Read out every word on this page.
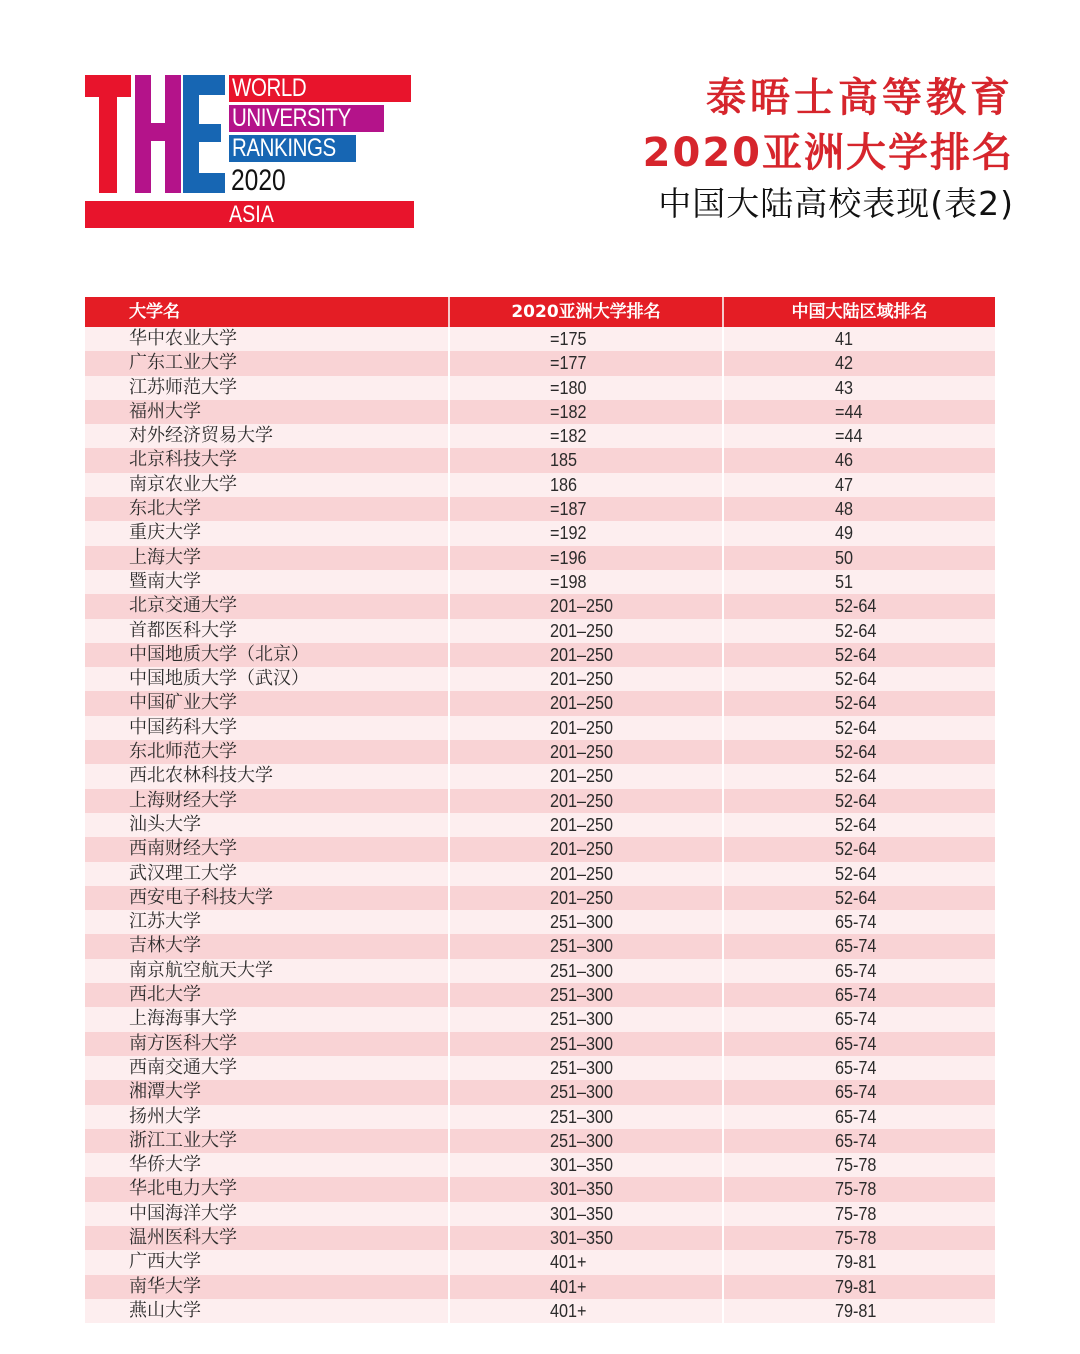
WORLD
UNIVERSITY
RANKINGS
2020
ASIA
泰晤士高等教育
2020亚洲大学排名
中国大陆高校表现(表2)
大学名	2020亚洲大学排名	中国大陆区域排名
华中农业大学	=175	41
广东工业大学	=177	42
江苏师范大学	=180	43
福州大学	=182	=44
对外经济贸易大学	=182	=44
北京科技大学	185	46
南京农业大学	186	47
东北大学	=187	48
重庆大学	=192	49
上海大学	=196	50
暨南大学	=198	51
北京交通大学	201–250	52-64
首都医科大学	201–250	52-64
中国地质大学（北京）	201–250	52-64
中国地质大学（武汉）	201–250	52-64
中国矿业大学	201–250	52-64
中国药科大学	201–250	52-64
东北师范大学	201–250	52-64
西北农林科技大学	201–250	52-64
上海财经大学	201–250	52-64
汕头大学	201–250	52-64
西南财经大学	201–250	52-64
武汉理工大学	201–250	52-64
西安电子科技大学	201–250	52-64
江苏大学	251–300	65-74
吉林大学	251–300	65-74
南京航空航天大学	251–300	65-74
西北大学	251–300	65-74
上海海事大学	251–300	65-74
南方医科大学	251–300	65-74
西南交通大学	251–300	65-74
湘潭大学	251–300	65-74
扬州大学	251–300	65-74
浙江工业大学	251–300	65-74
华侨大学	301–350	75-78
华北电力大学	301–350	75-78
中国海洋大学	301–350	75-78
温州医科大学	301–350	75-78
广西大学	401+	79-81
南华大学	401+	79-81
燕山大学	401+	79-81
